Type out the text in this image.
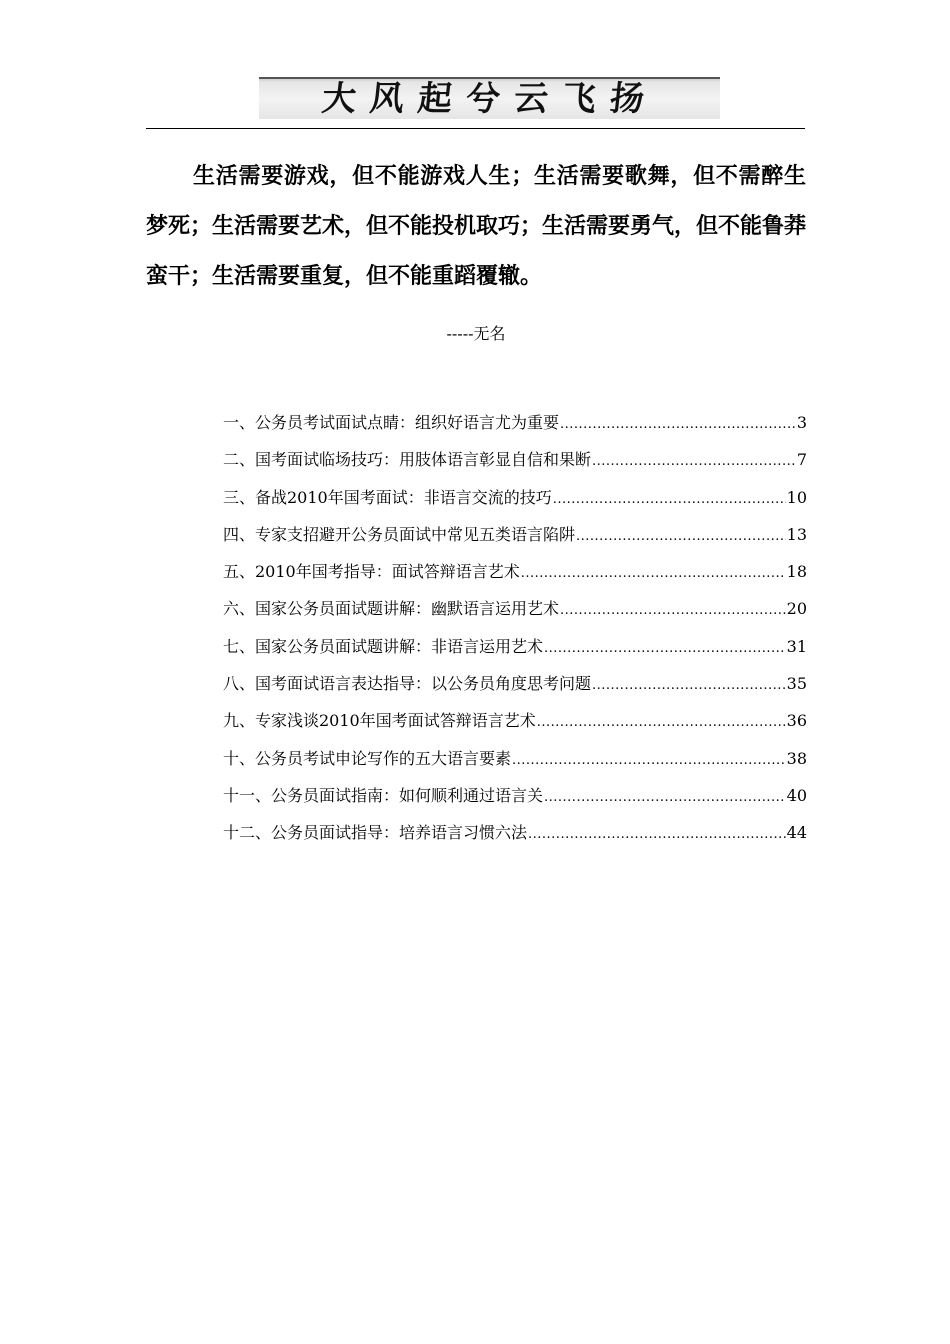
大风起兮云飞扬

生活需要游戏，但不能游戏人生；生活需要歌舞，但不需醉生梦死；生活需要艺术，但不能投机取巧；生活需要勇气，但不能鲁莽蛮干；生活需要重复，但不能重蹈覆辙。

-----无名
一、公务员考试面试点睛：组织好语言尤为重要 .....	3
二、国考面试临场技巧：用肢体语言彰显自信和果断 .....	7
三、备战2010年国考面试：非语言交流的技巧 .....	10
四、专家支招避开公务员面试中常见五类语言陷阱 .....	13
五、2010年国考指导：面试答辩语言艺术 .....	18
六、国家公务员面试题讲解：幽默语言运用艺术 .....	20
七、国家公务员面试题讲解：非语言运用艺术 .....	31
八、国考面试语言表达指导：以公务员角度思考问题 .....	35
九、专家浅谈2010年国考面试答辩语言艺术 .....	36
十、公务员考试申论写作的五大语言要素 .....	38
十一、公务员面试指南：如何顺利通过语言关 .....	40
十二、公务员面试指导：培养语言习惯六法 .....	44
